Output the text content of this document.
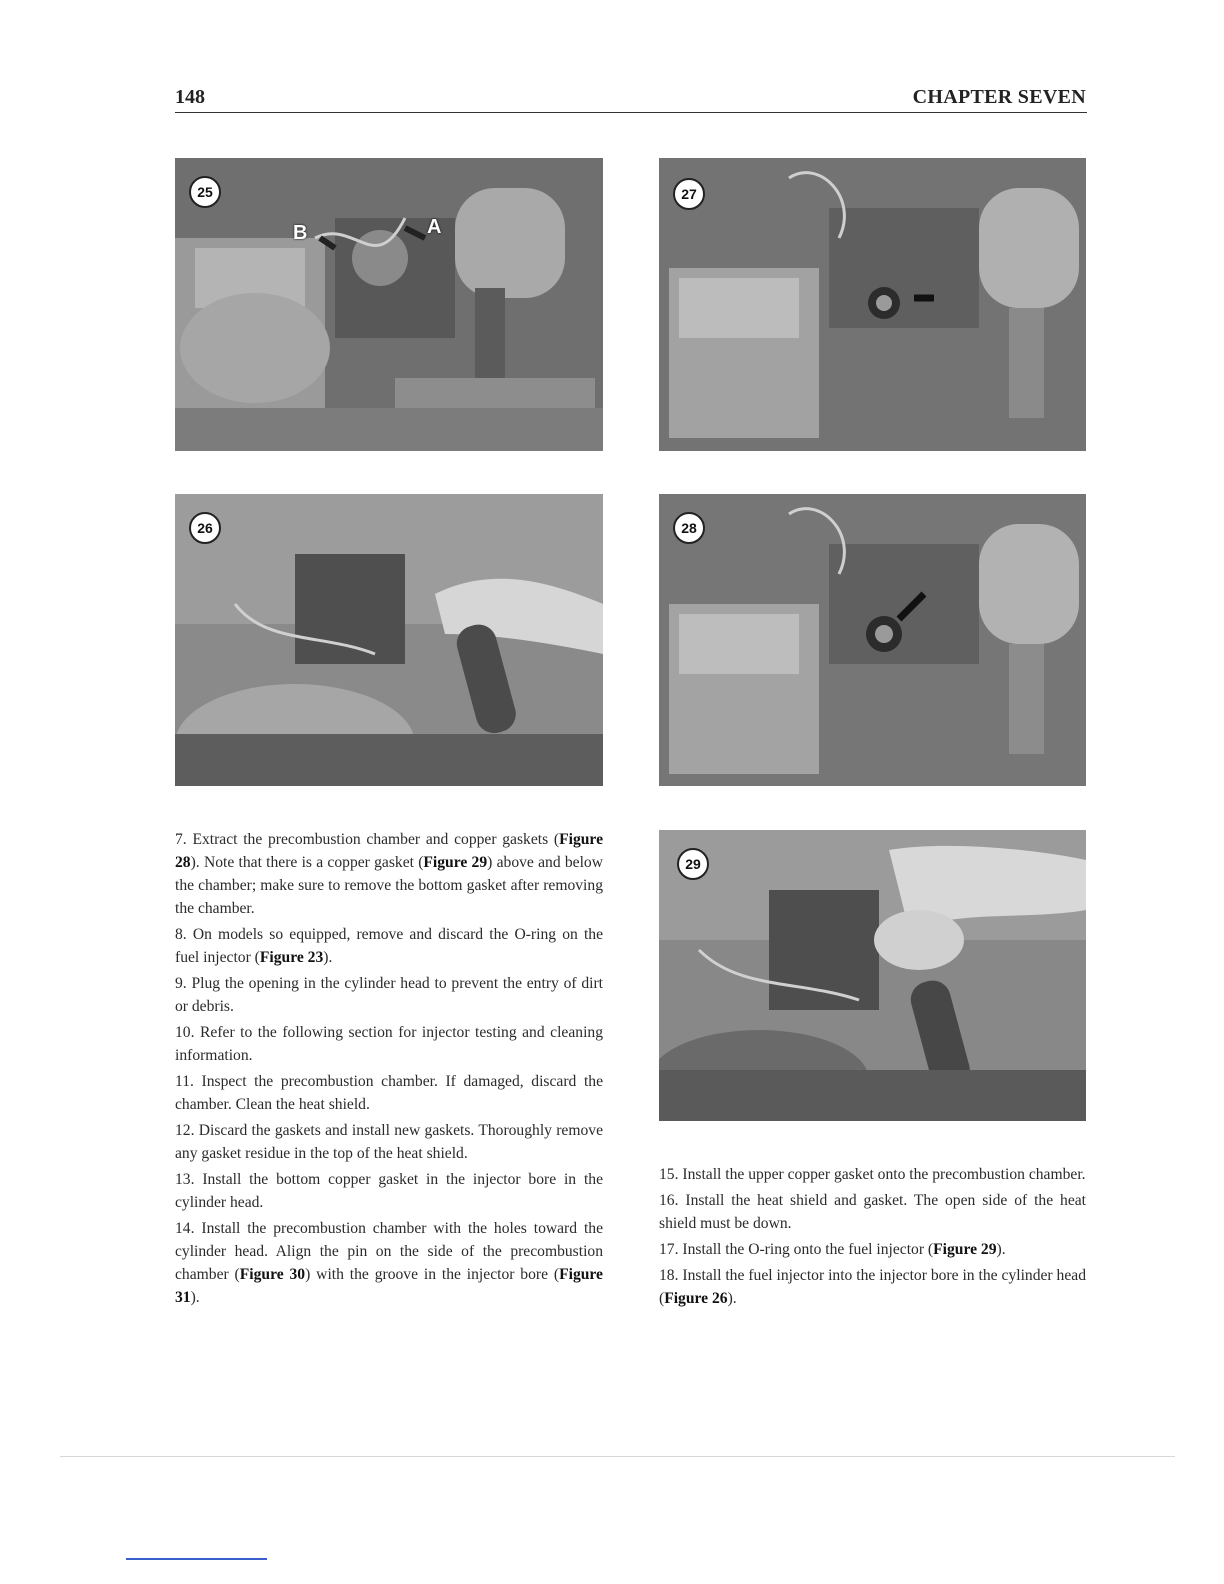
148	CHAPTER SEVEN
25
A
B
27
26	28
29

7. Extract the precombustion chamber and copper gaskets (Figure 28). Note that there is a copper gasket (Figure 29) above and below the chamber; make sure to remove the bottom gasket after removing the chamber.

8. On models so equipped, remove and discard the O-ring on the fuel injector (Figure 23).

9. Plug the opening in the cylinder head to prevent the entry of dirt or debris.

10. Refer to the following section for injector testing and cleaning information.

11. Inspect the precombustion chamber. If damaged, discard the chamber. Clean the heat shield.

12. Discard the gaskets and install new gaskets. Thoroughly remove any gasket residue in the top of the heat shield.

13. Install the bottom copper gasket in the injector bore in the cylinder head.

14. Install the precombustion chamber with the holes toward the cylinder head. Align the pin on the side of the precombustion chamber (Figure 30) with the groove in the injector bore (Figure 31).

15. Install the upper copper gasket onto the precombustion chamber.

16. Install the heat shield and gasket. The open side of the heat shield must be down.

17. Install the O-ring onto the fuel injector (Figure 29).

18. Install the fuel injector into the injector bore in the cylinder head (Figure 26).
